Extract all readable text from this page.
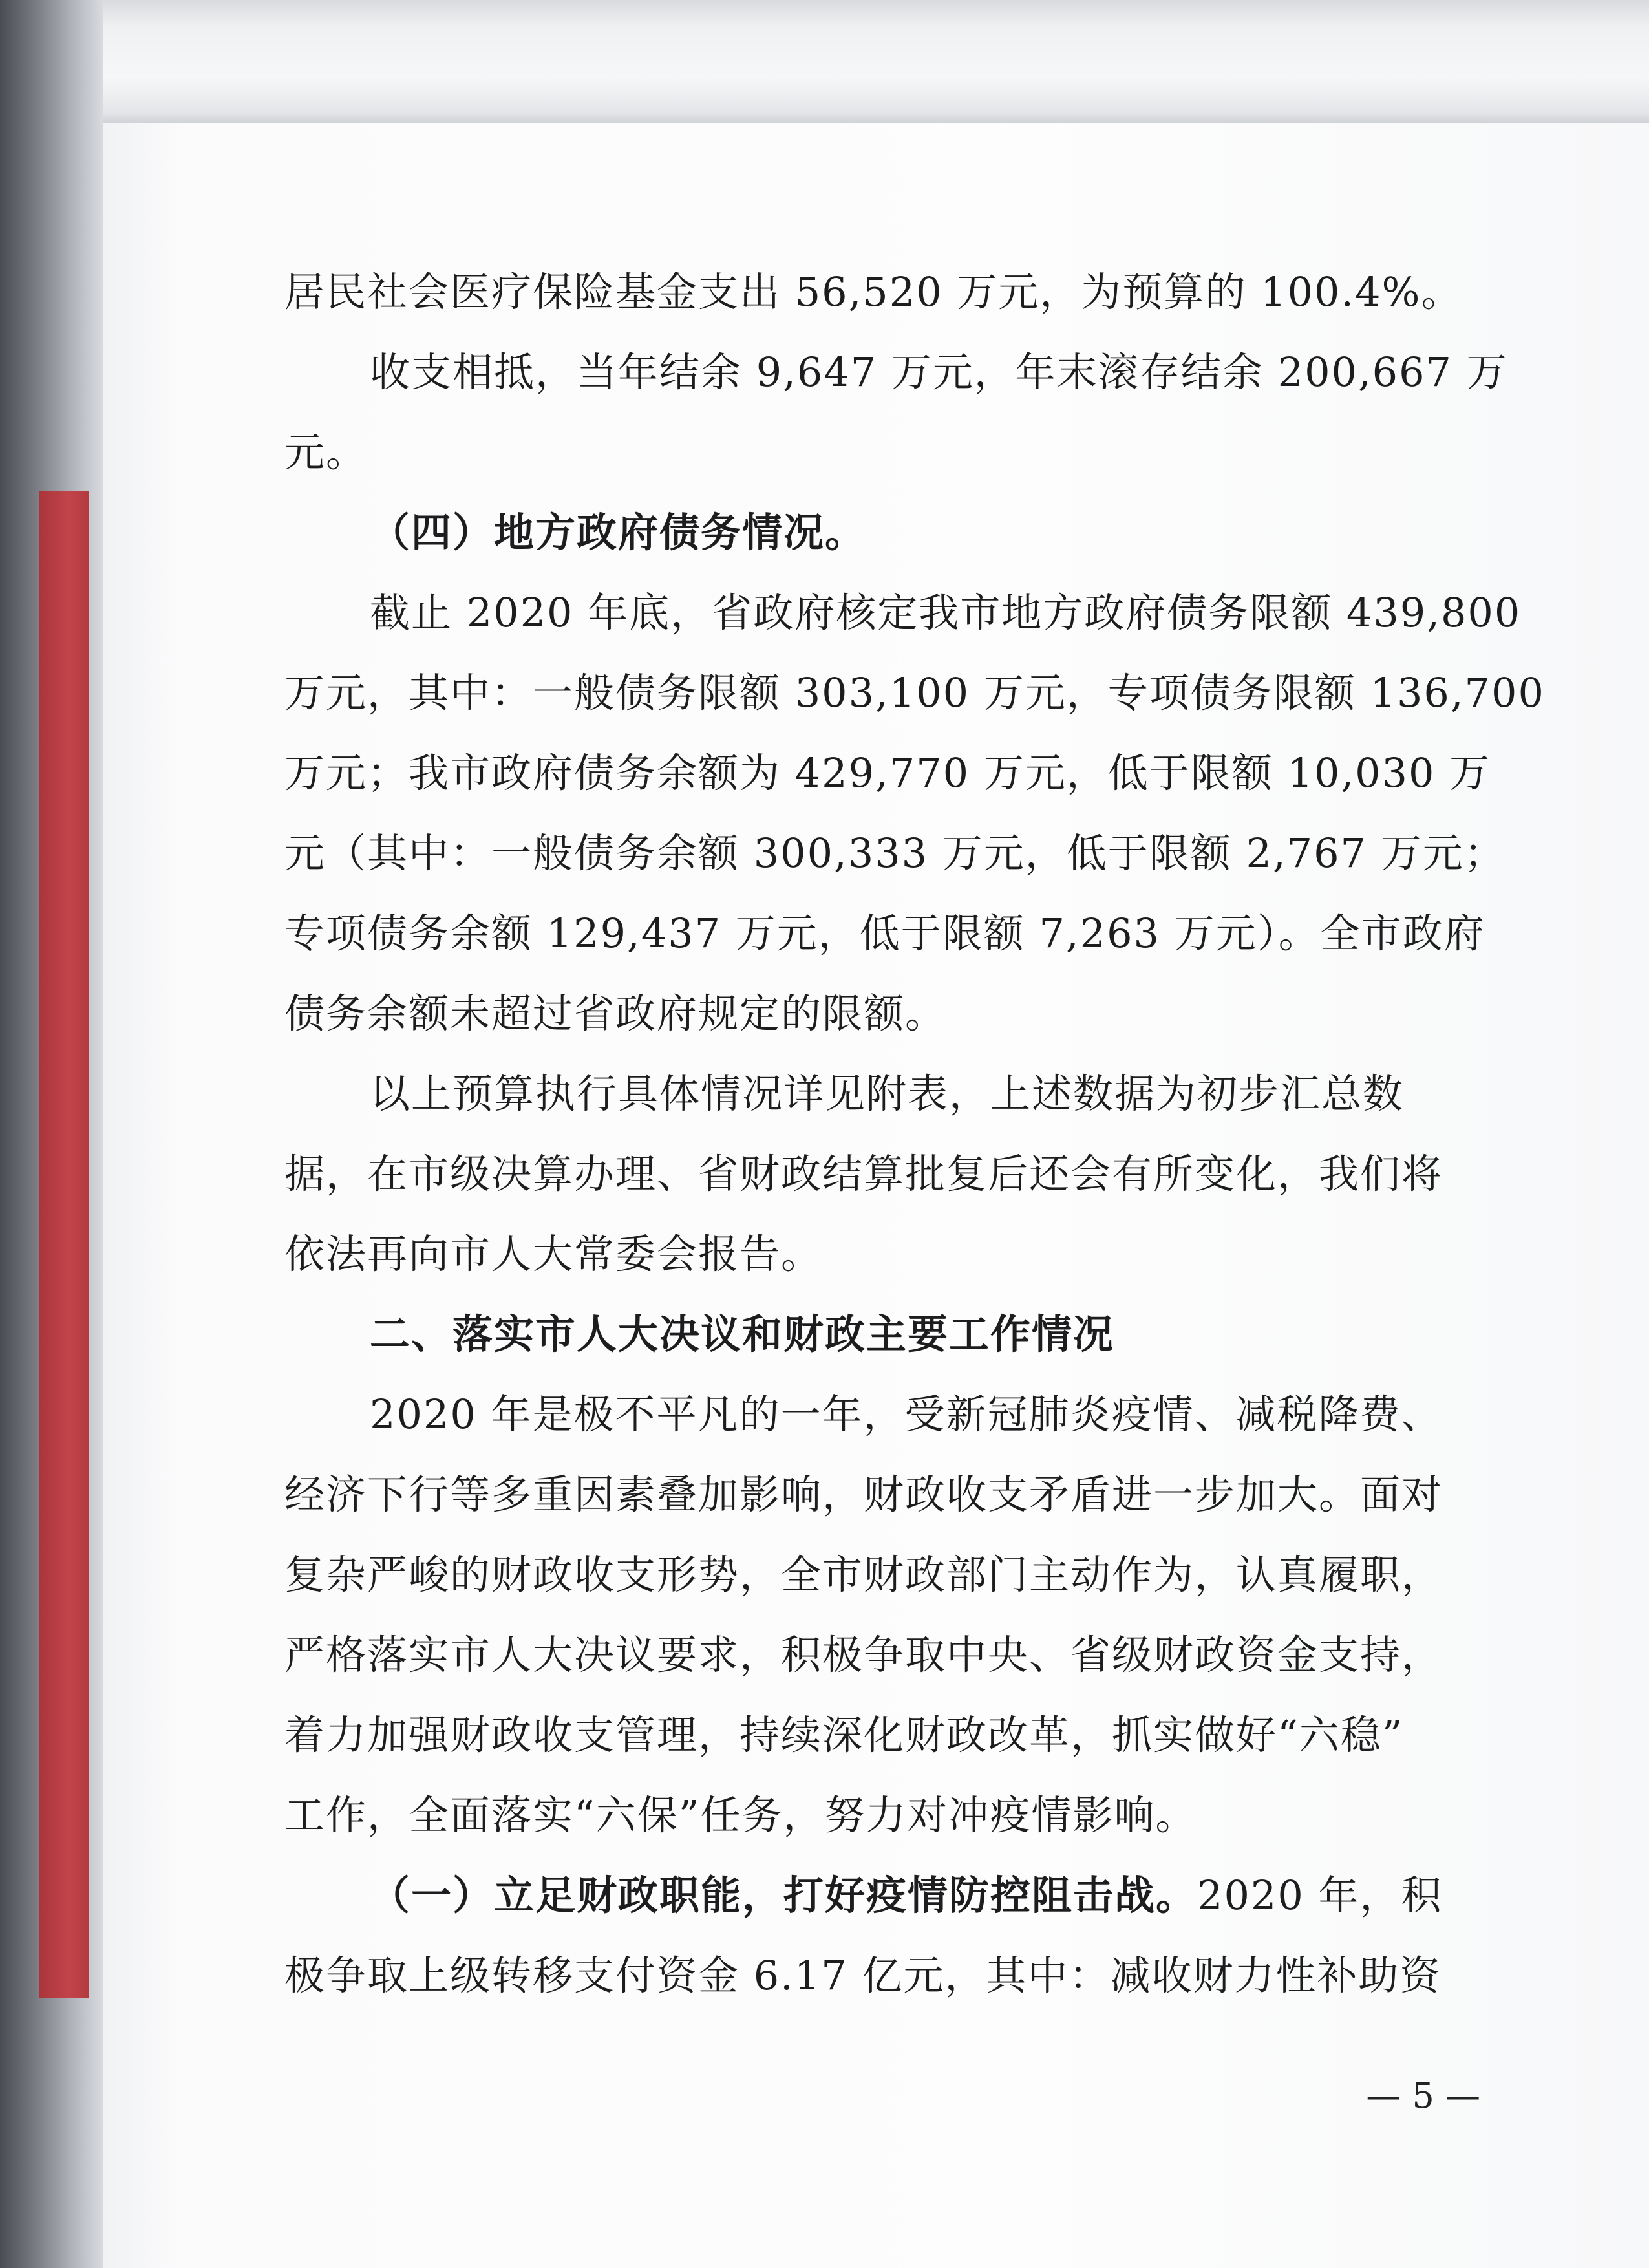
居民社会医疗保险基金支出 56,520 万元，为预算的 100.4%。
收支相抵，当年结余 9,647 万元，年末滚存结余 200,667 万
元。
（四）地方政府债务情况。
截止 2020 年底，省政府核定我市地方政府债务限额 439,800
万元，其中：一般债务限额 303,100 万元，专项债务限额 136,700
万元；我市政府债务余额为 429,770 万元，低于限额 10,030 万
元（其中：一般债务余额 300,333 万元，低于限额 2,767 万元；
专项债务余额 129,437 万元，低于限额 7,263 万元）。全市政府
债务余额未超过省政府规定的限额。
以上预算执行具体情况详见附表，上述数据为初步汇总数
据，在市级决算办理、省财政结算批复后还会有所变化，我们将
依法再向市人大常委会报告。
二、落实市人大决议和财政主要工作情况
2020 年是极不平凡的一年，受新冠肺炎疫情、减税降费、
经济下行等多重因素叠加影响，财政收支矛盾进一步加大。面对
复杂严峻的财政收支形势，全市财政部门主动作为，认真履职，
严格落实市人大决议要求，积极争取中央、省级财政资金支持，
着力加强财政收支管理，持续深化财政改革，抓实做好“六稳”
工作，全面落实“六保”任务，努力对冲疫情影响。
（一）立足财政职能，打好疫情防控阻击战。2020 年，积
极争取上级转移支付资金 6.17 亿元，其中：减收财力性补助资
— 5 —
